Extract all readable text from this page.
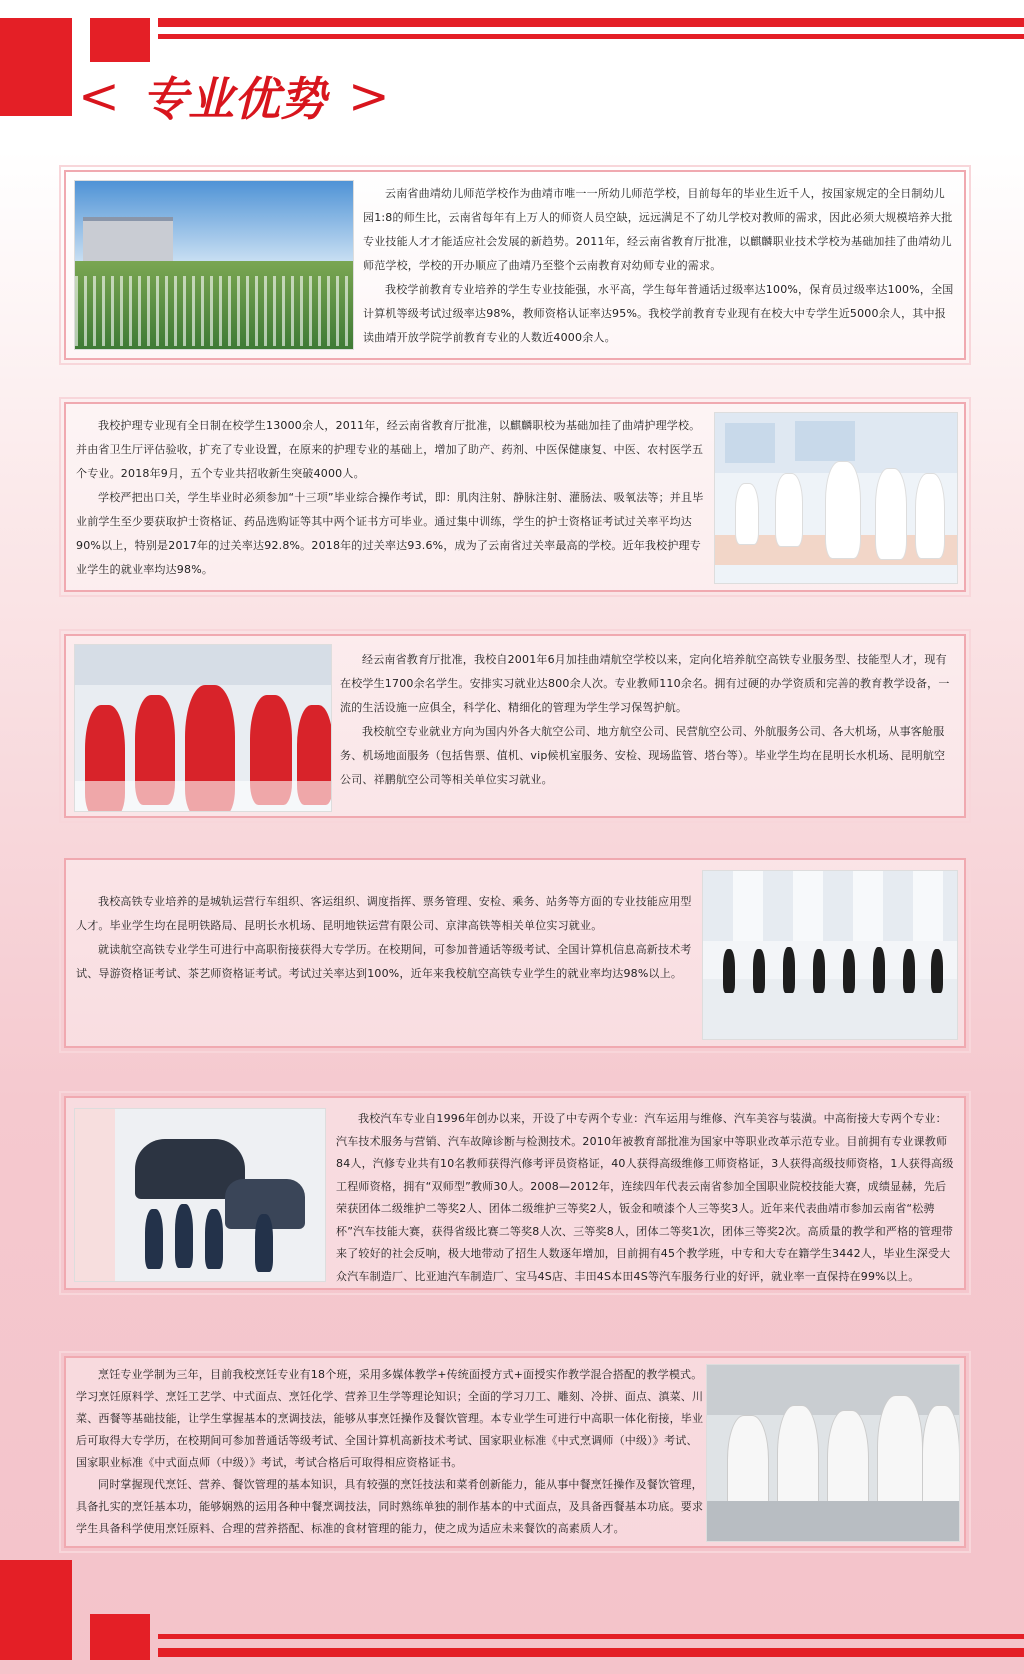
< 专业优势 >

云南省曲靖幼儿师范学校作为曲靖市唯一一所幼儿师范学校，目前每年的毕业生近千人，按国家规定的全日制幼儿园1:8的师生比，云南省每年有上万人的师资人员空缺，远远满足不了幼儿学校对教师的需求，因此必须大规模培养大批专业技能人才才能适应社会发展的新趋势。2011年，经云南省教育厅批准，以麒麟职业技术学校为基础加挂了曲靖幼儿师范学校，学校的开办顺应了曲靖乃至整个云南教育对幼师专业的需求。

我校学前教育专业培养的学生专业技能强，水平高，学生每年普通话过级率达100%，保育员过级率达100%，全国计算机等级考试过级率达98%，教师资格认证率达95%。我校学前教育专业现有在校大中专学生近5000余人，其中报读曲靖开放学院学前教育专业的人数近4000余人。

我校护理专业现有全日制在校学生13000余人，2011年，经云南省教育厅批准，以麒麟职校为基础加挂了曲靖护理学校。并由省卫生厅评估验收，扩充了专业设置，在原来的护理专业的基础上，增加了助产、药剂、中医保健康复、中医、农村医学五个专业。2018年9月，五个专业共招收新生突破4000人。

学校严把出口关，学生毕业时必须参加“十三项”毕业综合操作考试，即：肌肉注射、静脉注射、灌肠法、吸氧法等；并且毕业前学生至少要获取护士资格证、药品选购证等其中两个证书方可毕业。通过集中训练，学生的护士资格证考试过关率平均达90%以上，特别是2017年的过关率达92.8%。2018年的过关率达93.6%，成为了云南省过关率最高的学校。近年我校护理专业学生的就业率均达98%。

经云南省教育厅批准，我校自2001年6月加挂曲靖航空学校以来，定向化培养航空高铁专业服务型、技能型人才，现有在校学生1700余名学生。安排实习就业达800余人次。专业教师110余名。拥有过硬的办学资质和完善的教育教学设备，一流的生活设施一应俱全，科学化、精细化的管理为学生学习保驾护航。

我校航空专业就业方向为国内外各大航空公司、地方航空公司、民营航空公司、外航服务公司、各大机场，从事客舱服务、机场地面服务（包括售票、值机、vip候机室服务、安检、现场监管、塔台等）。毕业学生均在昆明长水机场、昆明航空公司、祥鹏航空公司等相关单位实习就业。

我校高铁专业培养的是城轨运营行车组织、客运组织、调度指挥、票务管理、安检、乘务、站务等方面的专业技能应用型人才。毕业学生均在昆明铁路局、昆明长水机场、昆明地铁运营有限公司、京津高铁等相关单位实习就业。

就读航空高铁专业学生可进行中高职衔接获得大专学历。在校期间，可参加普通话等级考试、全国计算机信息高新技术考试、导游资格证考试、茶艺师资格证考试。考试过关率达到100%，近年来我校航空高铁专业学生的就业率均达98%以上。

我校汽车专业自1996年创办以来，开设了中专两个专业：汽车运用与维修、汽车美容与装潢。中高衔接大专两个专业：汽车技术服务与营销、汽车故障诊断与检测技术。2010年被教育部批准为国家中等职业改革示范专业。目前拥有专业课教师84人，汽修专业共有10名教师获得汽修考评员资格证，40人获得高级维修工师资格证，3人获得高级技师资格，1人获得高级工程师资格，拥有“双师型”教师30人。2008—2012年，连续四年代表云南省参加全国职业院校技能大赛，成绩显赫，先后荣获团体二级维护二等奖2人、团体二级维护三等奖2人，钣金和喷漆个人三等奖3人。近年来代表曲靖市参加云南省“松骋杯”汽车技能大赛，获得省级比赛二等奖8人次、三等奖8人，团体二等奖1次，团体三等奖2次。高质量的教学和严格的管理带来了较好的社会反响，极大地带动了招生人数逐年增加，目前拥有45个教学班，中专和大专在籍学生3442人，毕业生深受大众汽车制造厂、比亚迪汽车制造厂、宝马4S店、丰田4S本田4S等汽车服务行业的好评，就业率一直保持在99%以上。

烹饪专业学制为三年，目前我校烹饪专业有18个班，采用多媒体教学+传统面授方式+面授实作教学混合搭配的教学模式。学习烹饪原料学、烹饪工艺学、中式面点、烹饪化学、营养卫生学等理论知识；全面的学习刀工、雕刻、冷拼、面点、滇菜、川菜、西餐等基础技能，让学生掌握基本的烹调技法，能够从事烹饪操作及餐饮管理。本专业学生可进行中高职一体化衔接，毕业后可取得大专学历，在校期间可参加普通话等级考试、全国计算机高新技术考试、国家职业标准《中式烹调师（中级）》考试、国家职业标准《中式面点师（中级）》考试，考试合格后可取得相应资格证书。

同时掌握现代烹饪、营养、餐饮管理的基本知识，具有较强的烹饪技法和菜肴创新能力，能从事中餐烹饪操作及餐饮管理，具备扎实的烹饪基本功，能够娴熟的运用各种中餐烹调技法，同时熟练单独的制作基本的中式面点，及具备西餐基本功底。要求学生具备科学使用烹饪原料、合理的营养搭配、标准的食材管理的能力，使之成为适应未来餐饮的高素质人才。
